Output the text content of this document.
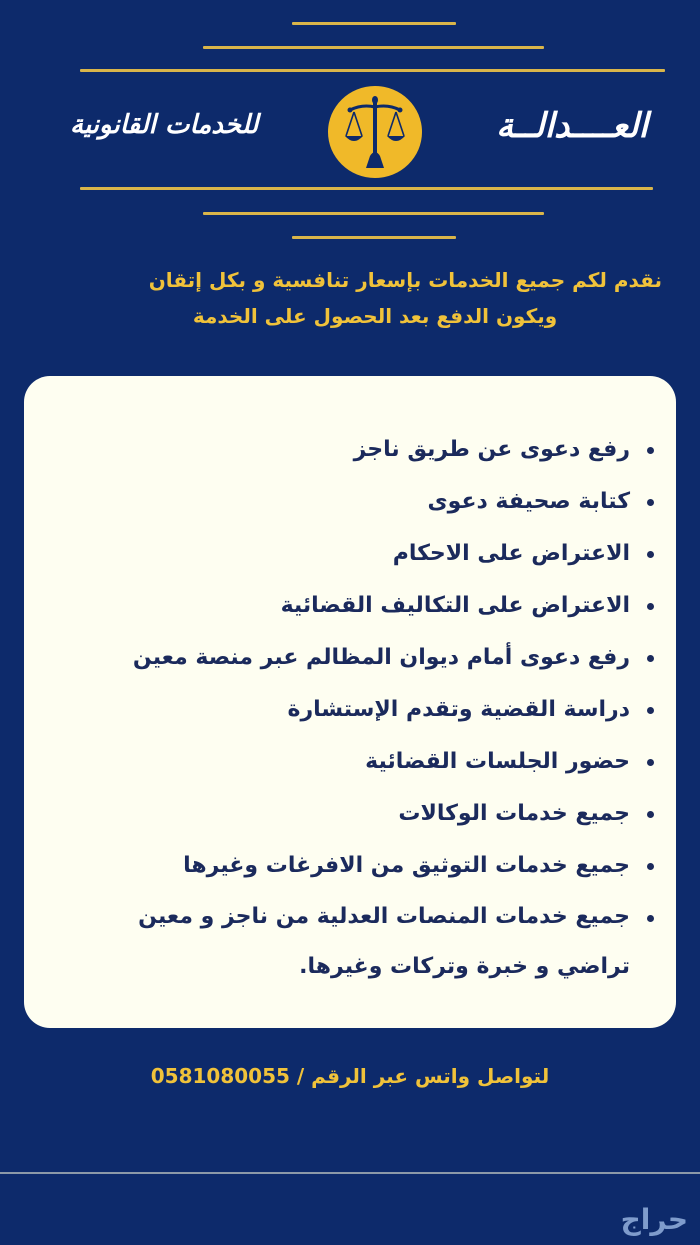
العــــدالــة
للخدمات القانونية
نقدم لكم جميع الخدمات بإسعار تنافسية و بكل إتقان
ويكون الدفع بعد الحصول على الخدمة
رفع دعوى عن طريق ناجز
كتابة صحيفة دعوى
الاعتراض على الاحكام
الاعتراض على التكاليف القضائية
رفع دعوى أمام ديوان المظالم عبر منصة معين
دراسة القضية وتقدم الإستشارة
حضور الجلسات القضائية
جميع خدمات الوكالات
جميع خدمات التوثيق من الافرغات وغيرها
جميع خدمات المنصات العدلية من ناجز و معين
تراضي و خبرة وتركات وغيرها.
لتواصل واتس عبر الرقم / 0581080055
حراج
